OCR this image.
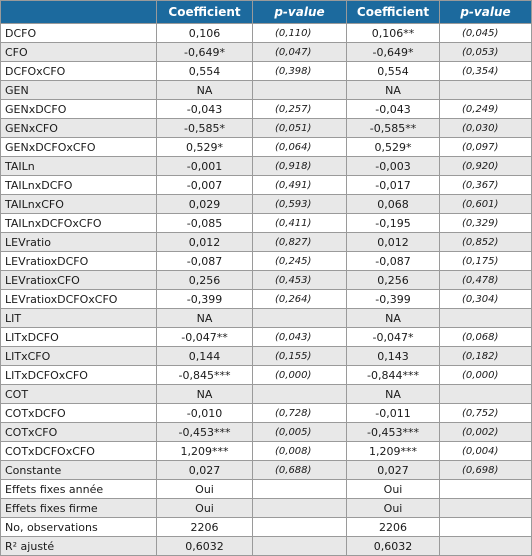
	Coefficient	p-value	Coefficient	p-value
DCFO	0,106	(0,110)	0,106**	(0,045)
CFO	-0,649*	(0,047)	-0,649*	(0,053)
DCFOxCFO	0,554	(0,398)	0,554	(0,354)
GEN	NA		NA	
GENxDCFO	-0,043	(0,257)	-0,043	(0,249)
GENxCFO	-0,585*	(0,051)	-0,585**	(0,030)
GENxDCFOxCFO	0,529*	(0,064)	0,529*	(0,097)
TAILn	-0,001	(0,918)	-0,003	(0,920)
TAILnxDCFO	-0,007	(0,491)	-0,017	(0,367)
TAILnxCFO	0,029	(0,593)	0,068	(0,601)
TAILnxDCFOxCFO	-0,085	(0,411)	-0,195	(0,329)
LEVratio	0,012	(0,827)	0,012	(0,852)
LEVratioxDCFO	-0,087	(0,245)	-0,087	(0,175)
LEVratioxCFO	0,256	(0,453)	0,256	(0,478)
LEVratioxDCFOxCFO	-0,399	(0,264)	-0,399	(0,304)
LIT	NA		NA	
LITxDCFO	-0,047**	(0,043)	-0,047*	(0,068)
LITxCFO	0,144	(0,155)	0,143	(0,182)
LITxDCFOxCFO	-0,845***	(0,000)	-0,844***	(0,000)
COT	NA		NA	
COTxDCFO	-0,010	(0,728)	-0,011	(0,752)
COTxCFO	-0,453***	(0,005)	-0,453***	(0,002)
COTxDCFOxCFO	1,209***	(0,008)	1,209***	(0,004)
Constante	0,027	(0,688)	0,027	(0,698)
Effets fixes année	Oui		Oui	
Effets fixes firme	Oui		Oui	
No, observations	2206		2206	
R² ajusté	0,6032		0,6032	
